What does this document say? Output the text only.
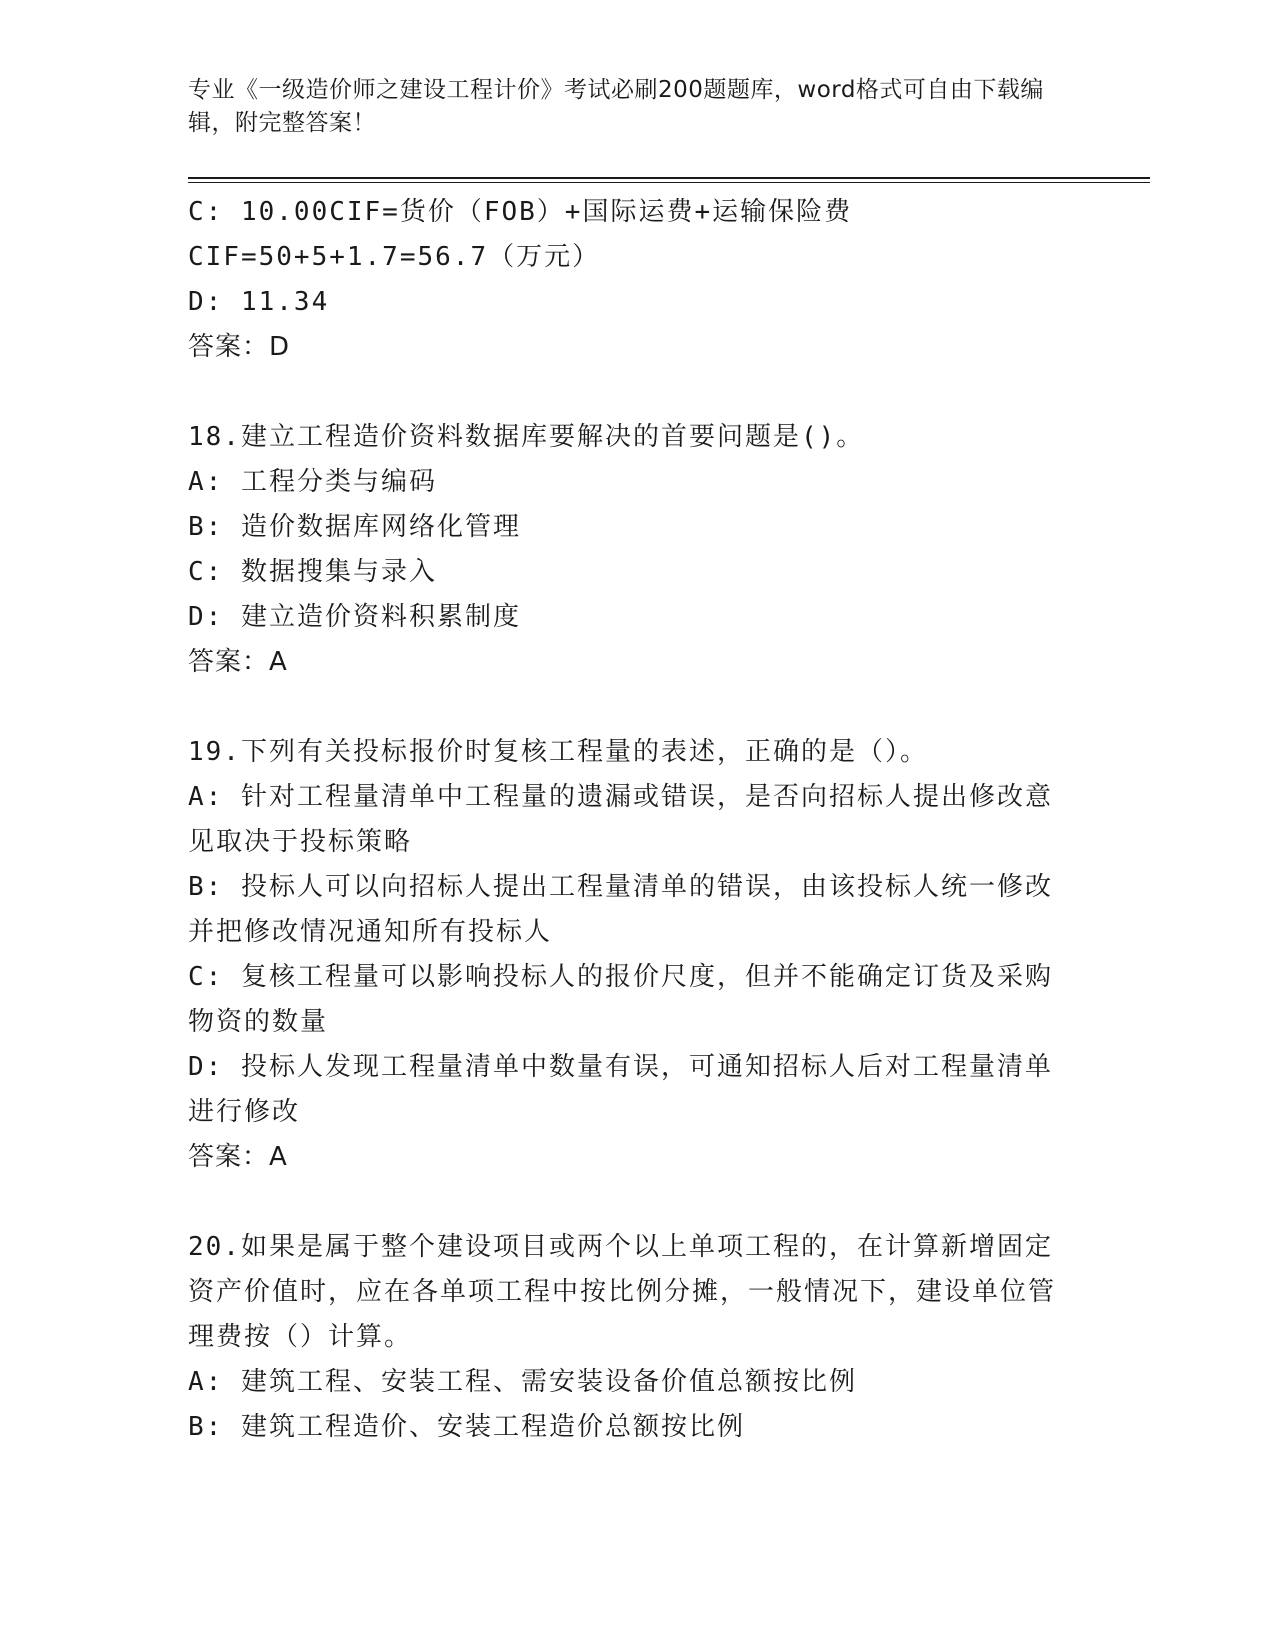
专业《一级造价师之建设工程计价》考试必刷200题题库，word格式可自由下载编辑，附完整答案！
C: 10.00CIF=货价（FOB）+国际运费+运输保险费CIF=50+5+1.7=56.7（万元）
D: 11.34
答案：D
18.建立工程造价资料数据库要解决的首要问题是()。
A: 工程分类与编码
B: 造价数据库网络化管理
C: 数据搜集与录入
D: 建立造价资料积累制度
答案：A
19.下列有关投标报价时复核工程量的表述，正确的是（）。
A: 针对工程量清单中工程量的遗漏或错误，是否向招标人提出修改意见取决于投标策略
B: 投标人可以向招标人提出工程量清单的错误，由该投标人统一修改并把修改情况通知所有投标人
C: 复核工程量可以影响投标人的报价尺度，但并不能确定订货及采购物资的数量
D: 投标人发现工程量清单中数量有误，可通知招标人后对工程量清单进行修改
答案：A
20.如果是属于整个建设项目或两个以上单项工程的，在计算新增固定资产价值时，应在各单项工程中按比例分摊，一般情况下，建设单位管理费按（）计算。
A: 建筑工程、安装工程、需安装设备价值总额按比例
B: 建筑工程造价、安装工程造价总额按比例
